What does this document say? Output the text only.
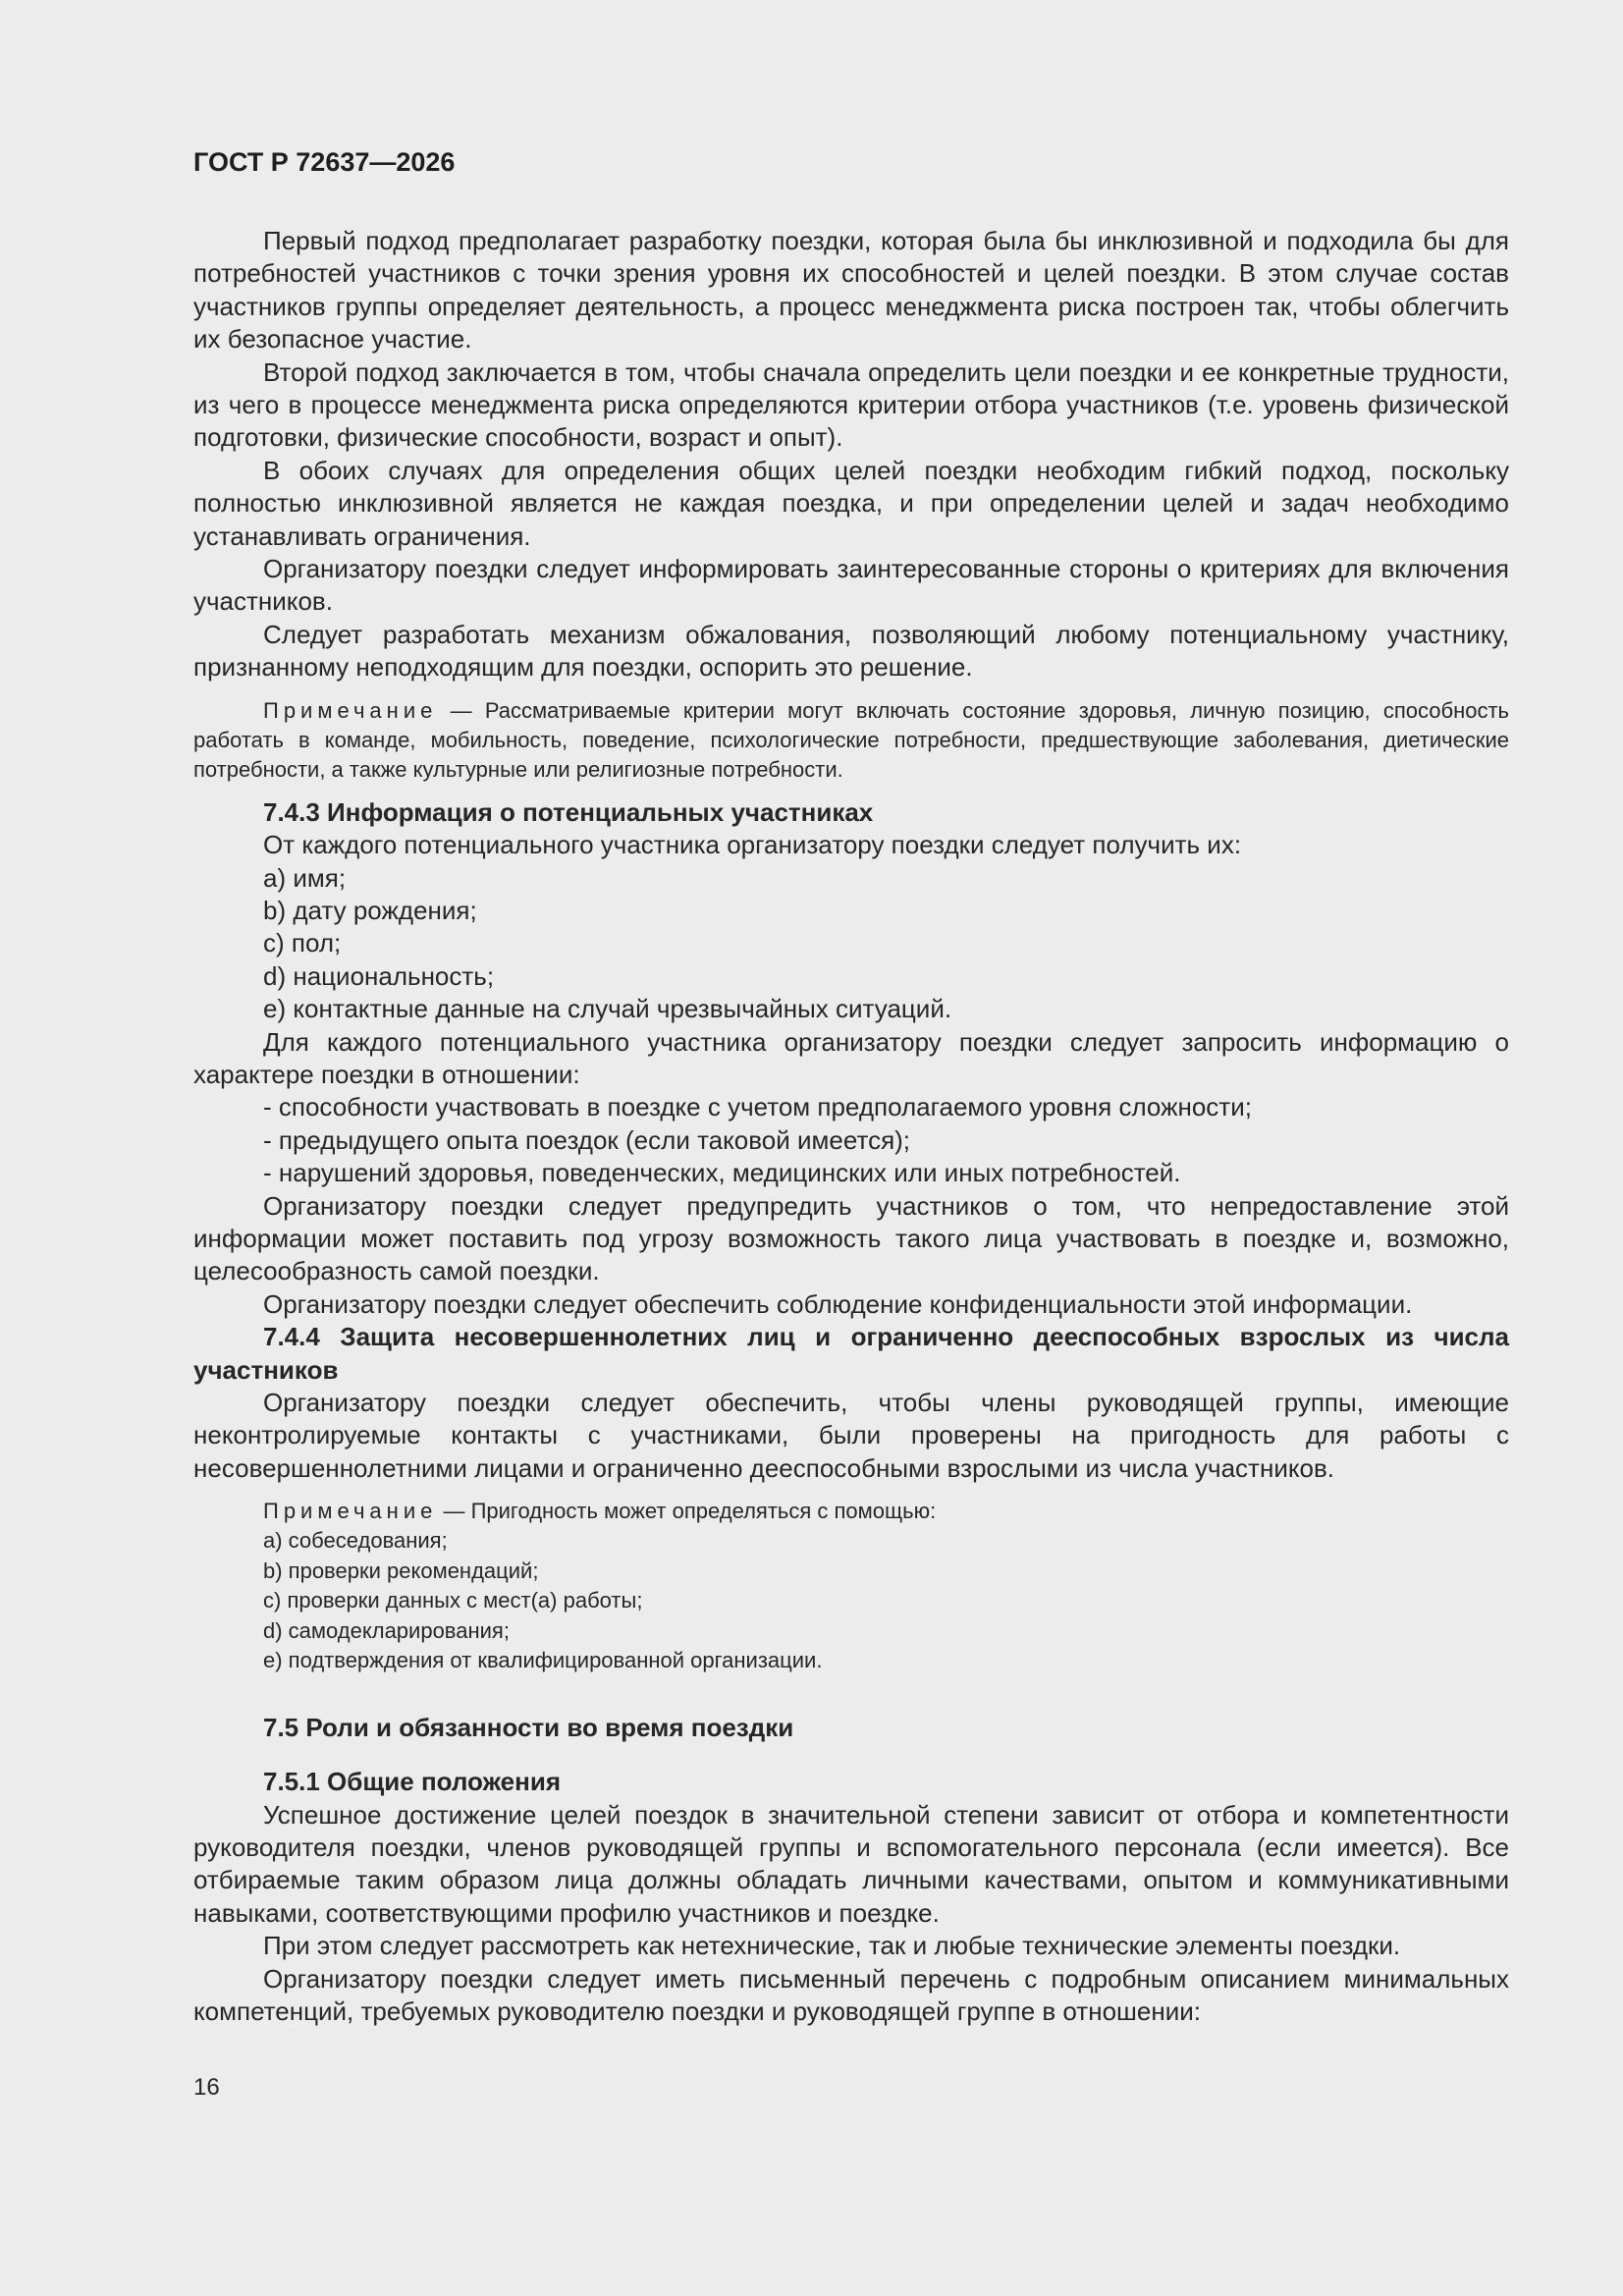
ГОСТ Р 72637—2026

Первый подход предполагает разработку поездки, которая была бы инклюзивной и подходила бы для потребностей участников с точки зрения уровня их способностей и целей поездки. В этом случае состав участников группы определяет деятельность, а процесс менеджмента риска построен так, чтобы облегчить их безопасное участие.

Второй подход заключается в том, чтобы сначала определить цели поездки и ее конкретные трудности, из чего в процессе менеджмента риска определяются критерии отбора участников (т.е. уровень физической подготовки, физические способности, возраст и опыт).

В обоих случаях для определения общих целей поездки необходим гибкий подход, поскольку полностью инклюзивной является не каждая поездка, и при определении целей и задач необходимо устанавливать ограничения.

Организатору поездки следует информировать заинтересованные стороны о критериях для включения участников.

Следует разработать механизм обжалования, позволяющий любому потенциальному участнику, признанному неподходящим для поездки, оспорить это решение.

Примечание — Рассматриваемые критерии могут включать состояние здоровья, личную позицию, способность работать в команде, мобильность, поведение, психологические потребности, предшествующие заболевания, диетические потребности, а также культурные или религиозные потребности.

7.4.3 Информация о потенциальных участниках

От каждого потенциального участника организатору поездки следует получить их:

a) имя;

b) дату рождения;

c) пол;

d) национальность;

e) контактные данные на случай чрезвычайных ситуаций.

Для каждого потенциального участника организатору поездки следует запросить информацию о характере поездки в отношении:

- способности участвовать в поездке с учетом предполагаемого уровня сложности;

- предыдущего опыта поездок (если таковой имеется);

- нарушений здоровья, поведенческих, медицинских или иных потребностей.

Организатору поездки следует предупредить участников о том, что непредоставление этой информации может поставить под угрозу возможность такого лица участвовать в поездке и, возможно, целесообразность самой поездки.

Организатору поездки следует обеспечить соблюдение конфиденциальности этой информации.

7.4.4 Защита несовершеннолетних лиц и ограниченно дееспособных взрослых из числа участников

Организатору поездки следует обеспечить, чтобы члены руководящей группы, имеющие неконтролируемые контакты с участниками, были проверены на пригодность для работы с несовершеннолетними лицами и ограниченно дееспособными взрослыми из числа участников.

Примечание — Пригодность может определяться с помощью:

a) собеседования;

b) проверки рекомендаций;

c) проверки данных с мест(а) работы;

d) самодекларирования;

e) подтверждения от квалифицированной организации.

7.5 Роли и обязанности во время поездки

7.5.1 Общие положения

Успешное достижение целей поездок в значительной степени зависит от отбора и компетентности руководителя поездки, членов руководящей группы и вспомогательного персонала (если имеется). Все отбираемые таким образом лица должны обладать личными качествами, опытом и коммуникативными навыками, соответствующими профилю участников и поездке.

При этом следует рассмотреть как нетехнические, так и любые технические элементы поездки.

Организатору поездки следует иметь письменный перечень с подробным описанием минимальных компетенций, требуемых руководителю поездки и руководящей группе в отношении:

16
